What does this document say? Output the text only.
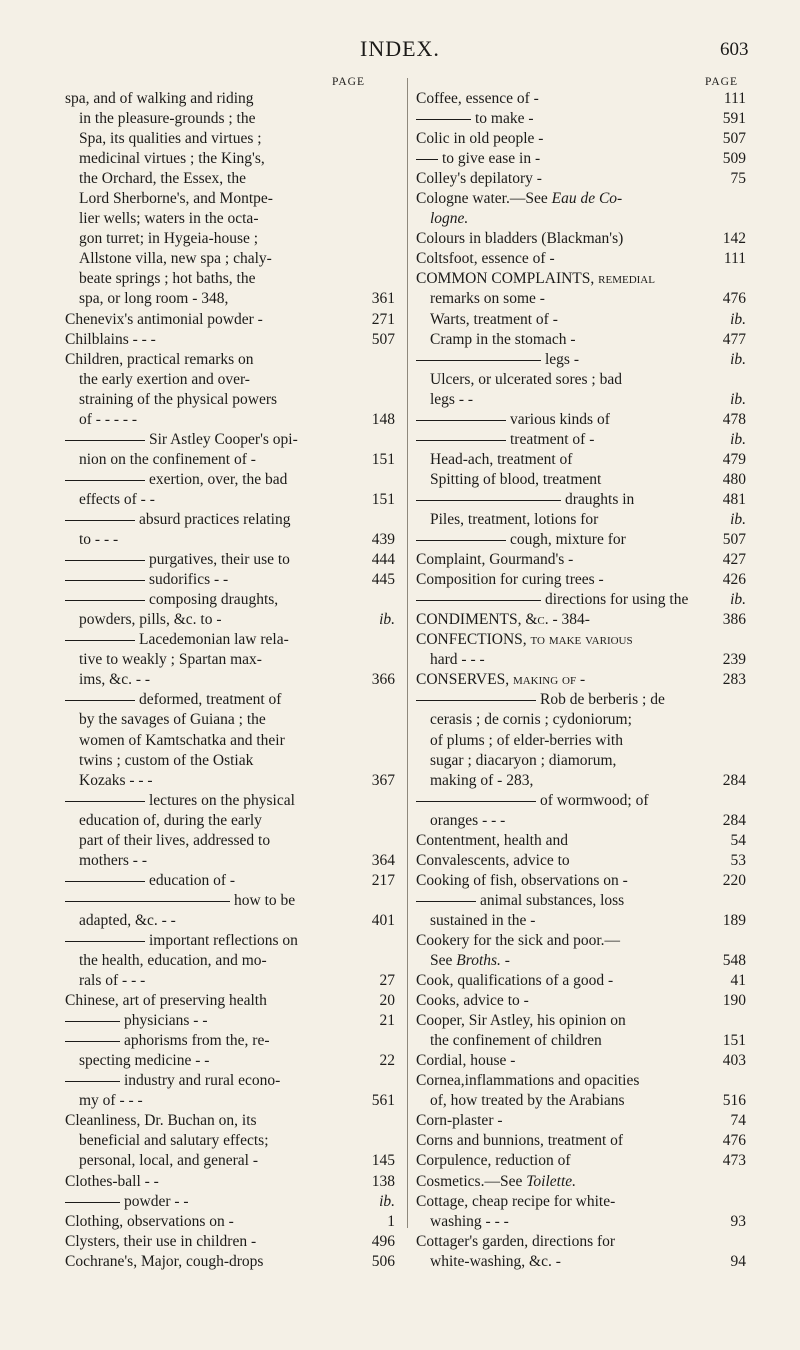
INDEX.	603
PAGE
spa, and of walking and riding
in the pleasure-grounds ; the
Spa, its qualities and virtues ;
medicinal virtues ; the King's,
the Orchard, the Essex, the
Lord Sherborne's, and Montpe-
lier wells; waters in the octa-
gon turret; in Hygeia-house ;
Allstone villa, new spa ; chaly-
beate springs ; hot baths, the
spa, or long room - 348,	361
Chenevix's antimonial powder -	271
Chilblains - - -	507
Children, practical remarks on
the early exertion and over-
straining of the physical powers
of - - - - -	148
Sir Astley Cooper's opi-
nion on the confinement of -	151
exertion, over, the bad
effects of - -	151
absurd practices relating
to - - -	439
purgatives, their use to	444
sudorifics - -	445
composing draughts,
powders, pills, &c. to -	ib.
Lacedemonian law rela-
tive to weakly ; Spartan max-
ims, &c. - -	366
deformed, treatment of
by the savages of Guiana ; the
women of Kamtschatka and their
twins ; custom of the Ostiak
Kozaks - - -	367
lectures on the physical
education of, during the early
part of their lives, addressed to
mothers - -	364
education of -	217
how to be
adapted, &c. - -	401
important reflections on
the health, education, and mo-
rals of - - -	27
Chinese, art of preserving health	20
physicians - -	21
aphorisms from the, re-
specting medicine - -	22
industry and rural econo-
my of - - -	561
Cleanliness, Dr. Buchan on, its
beneficial and salutary effects;
personal, local, and general -	145
Clothes-ball - -	138
powder - -	ib.
Clothing, observations on -	1
Clysters, their use in children -	496
Cochrane's, Major, cough-drops	506
PAGE
Coffee, essence of -	111
to make -	591
Colic in old people -	507
to give ease in -	509
Colley's depilatory -	75
Cologne water.—See Eau de Co-
logne.
Colours in bladders (Blackman's)	142
Coltsfoot, essence of -	111
COMMON COMPLAINTS, remedial
remarks on some -	476
Warts, treatment of -	ib.
Cramp in the stomach -	477
legs -	ib.
Ulcers, or ulcerated sores ; bad
legs - -	ib.
various kinds of	478
treatment of -	ib.
Head-ach, treatment of	479
Spitting of blood, treatment	480
draughts in	481
Piles, treatment, lotions for	ib.
cough, mixture for	507
Complaint, Gourmand's -	427
Composition for curing trees -	426
directions for using the	ib.
CONDIMENTS, &c. - 384-	386
CONFECTIONS, to make various
hard - - -	239
CONSERVES, making of -	283
Rob de berberis ; de
cerasis ; de cornis ; cydoniorum;
of plums ; of elder-berries with
sugar ; diacaryon ; diamorum,
making of - 283,	284
of wormwood; of
oranges - - -	284
Contentment, health and	54
Convalescents, advice to	53
Cooking of fish, observations on -	220
animal substances, loss
sustained in the -	189
Cookery for the sick and poor.—
See Broths. -	548
Cook, qualifications of a good -	41
Cooks, advice to -	190
Cooper, Sir Astley, his opinion on
the confinement of children	151
Cordial, house -	403
Cornea,inflammations and opacities
of, how treated by the Arabians	516
Corn-plaster -	74
Corns and bunnions, treatment of	476
Corpulence, reduction of	473
Cosmetics.—See Toilette.
Cottage, cheap recipe for white-
washing - - -	93
Cottager's garden, directions for
white-washing, &c. -	94
